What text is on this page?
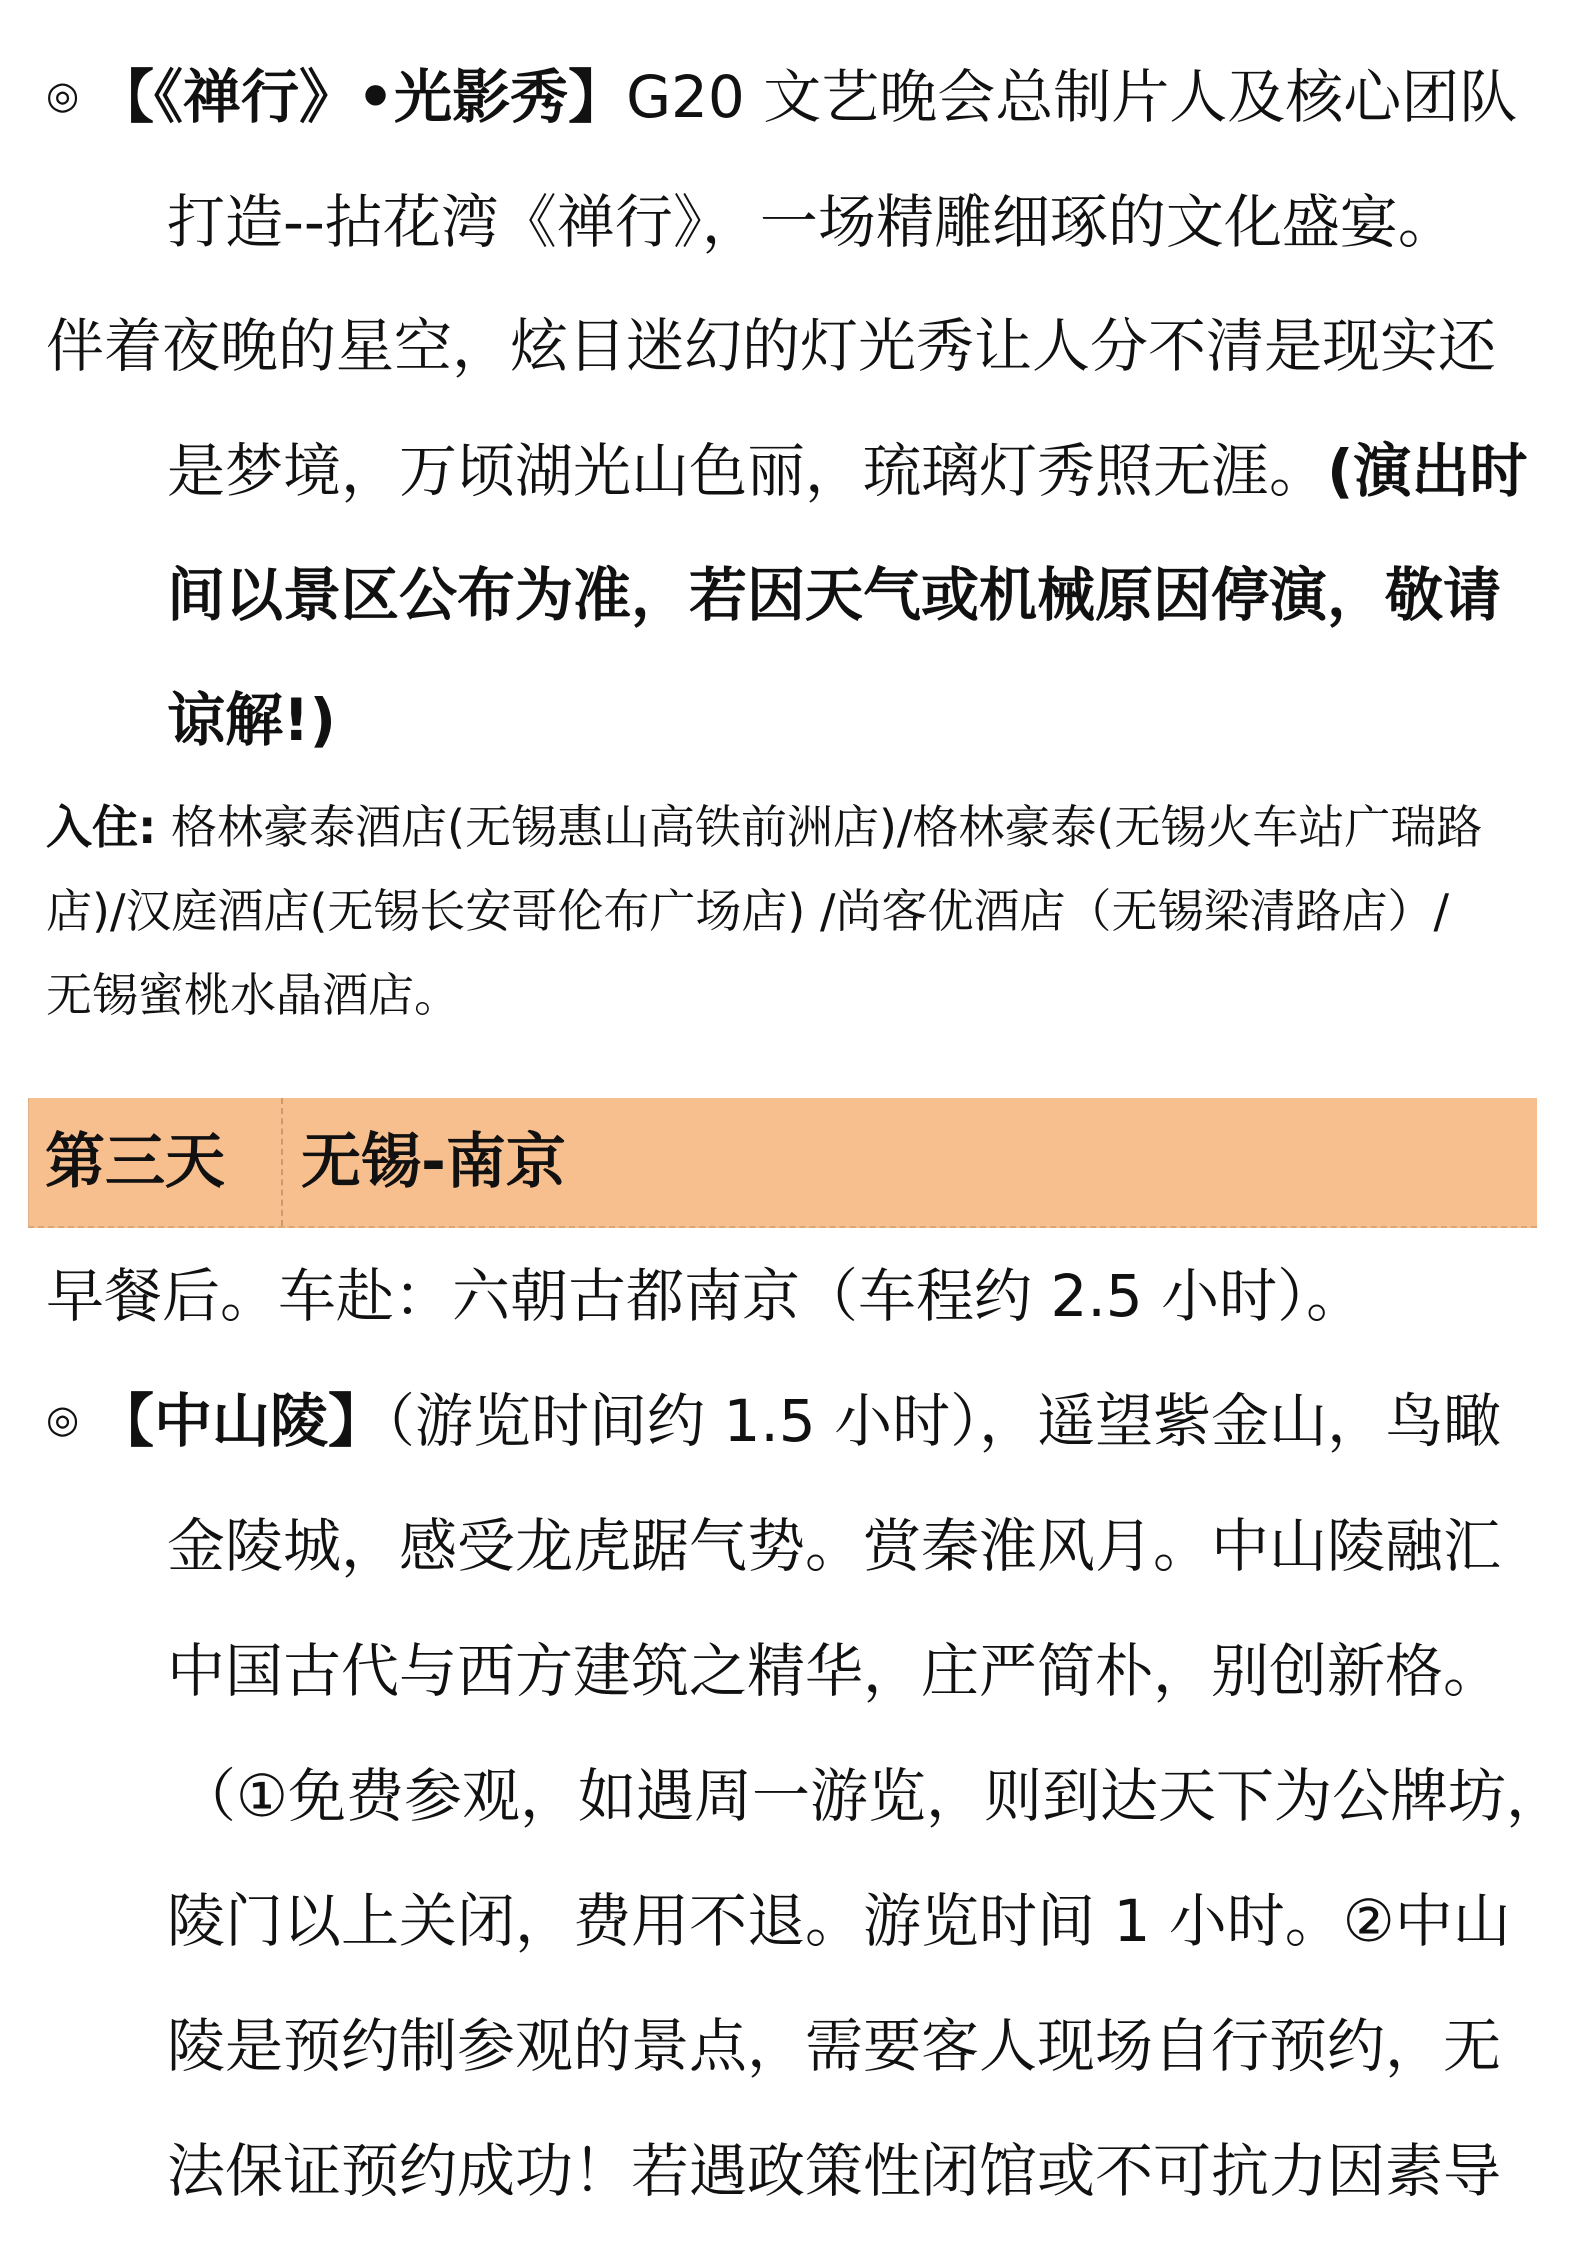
◎ 【《禅行》•光影秀】G20 文艺晚会总制片人及核心团队
打造--拈花湾《禅行》，一场精雕细琢的文化盛宴。
伴着夜晚的星空，炫目迷幻的灯光秀让人分不清是现实还
是梦境，万顷湖光山色丽，琉璃灯秀照无涯。(演出时
间以景区公布为准，若因天气或机械原因停演，敬请
谅解!)
入住: 格林豪泰酒店(无锡惠山高铁前洲店)/格林豪泰(无锡火车站广瑞路
店)/汉庭酒店(无锡长安哥伦布广场店) /尚客优酒店（无锡梁清路店）/
无锡蜜桃水晶酒店。
第三天 无锡-南京
早餐后。车赴：六朝古都南京（车程约 2.5 小时）。
◎ 【中山陵】（游览时间约 1.5 小时），遥望紫金山，鸟瞰
金陵城，感受龙虎踞气势。赏秦淮风月。中山陵融汇
中国古代与西方建筑之精华，庄严简朴，别创新格。
（①免费参观，如遇周一游览，则到达天下为公牌坊，
陵门以上关闭，费用不退。游览时间 1 小时。②中山
陵是预约制参观的景点，需要客人现场自行预约，无
法保证预约成功！若遇政策性闭馆或不可抗力因素导
